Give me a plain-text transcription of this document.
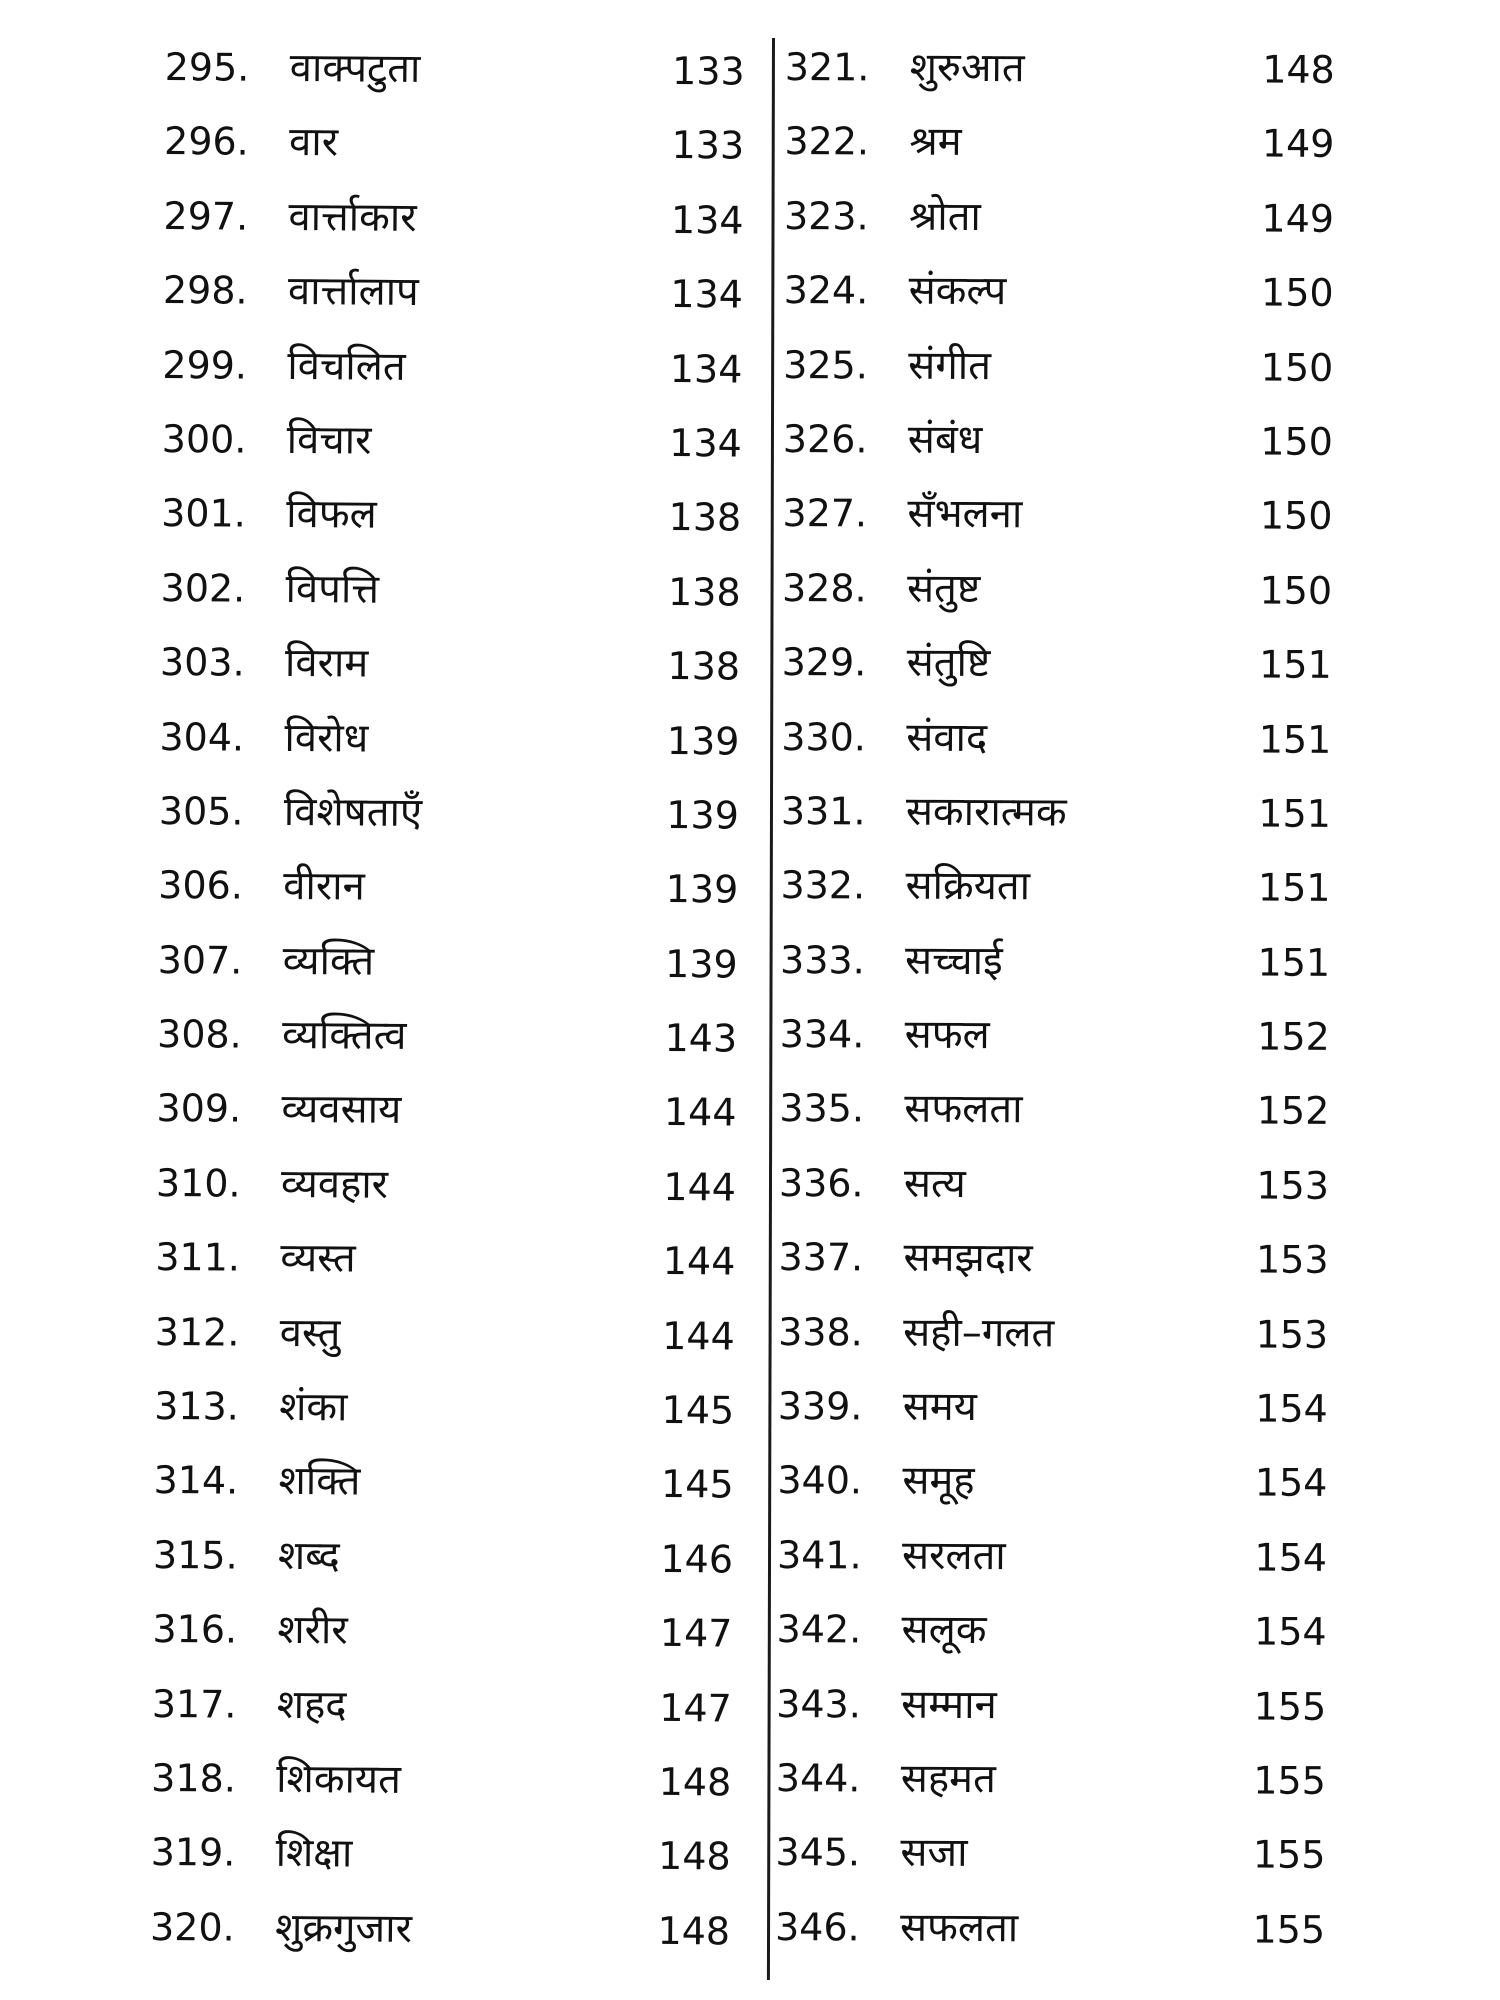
295. वाक्पटुता	133
296. वार	133
297. वार्त्ताकार	134
298. वार्त्तालाप	134
299. विचलित	134
300. विचार	134
301. विफल	138
302. विपत्ति	138
303. विराम	138
304. विरोध	139
305. विशेषताएँ	139
306. वीरान	139
307. व्यक्ति	139
308. व्यक्तित्व	143
309. व्यवसाय	144
310. व्यवहार	144
311. व्यस्त	144
312. वस्तु	144
313. शंका	145
314. शक्ति	145
315. शब्द	146
316. शरीर	147
317. शहद	147
318. शिकायत	148
319. शिक्षा	148
320. शुक्रगुजार	148
321. शुरुआत	148
322. श्रम	149
323. श्रोता	149
324. संकल्प	150
325. संगीत	150
326. संबंध	150
327. सँभलना	150
328. संतुष्ट	150
329. संतुष्टि	151
330. संवाद	151
331. सकारात्मक	151
332. सक्रियता	151
333. सच्चाई	151
334. सफल	152
335. सफलता	152
336. सत्य	153
337. समझदार	153
338. सही–गलत	153
339. समय	154
340. समूह	154
341. सरलता	154
342. सलूक	154
343. सम्मान	155
344. सहमत	155
345. सजा	155
346. सफलता	155
